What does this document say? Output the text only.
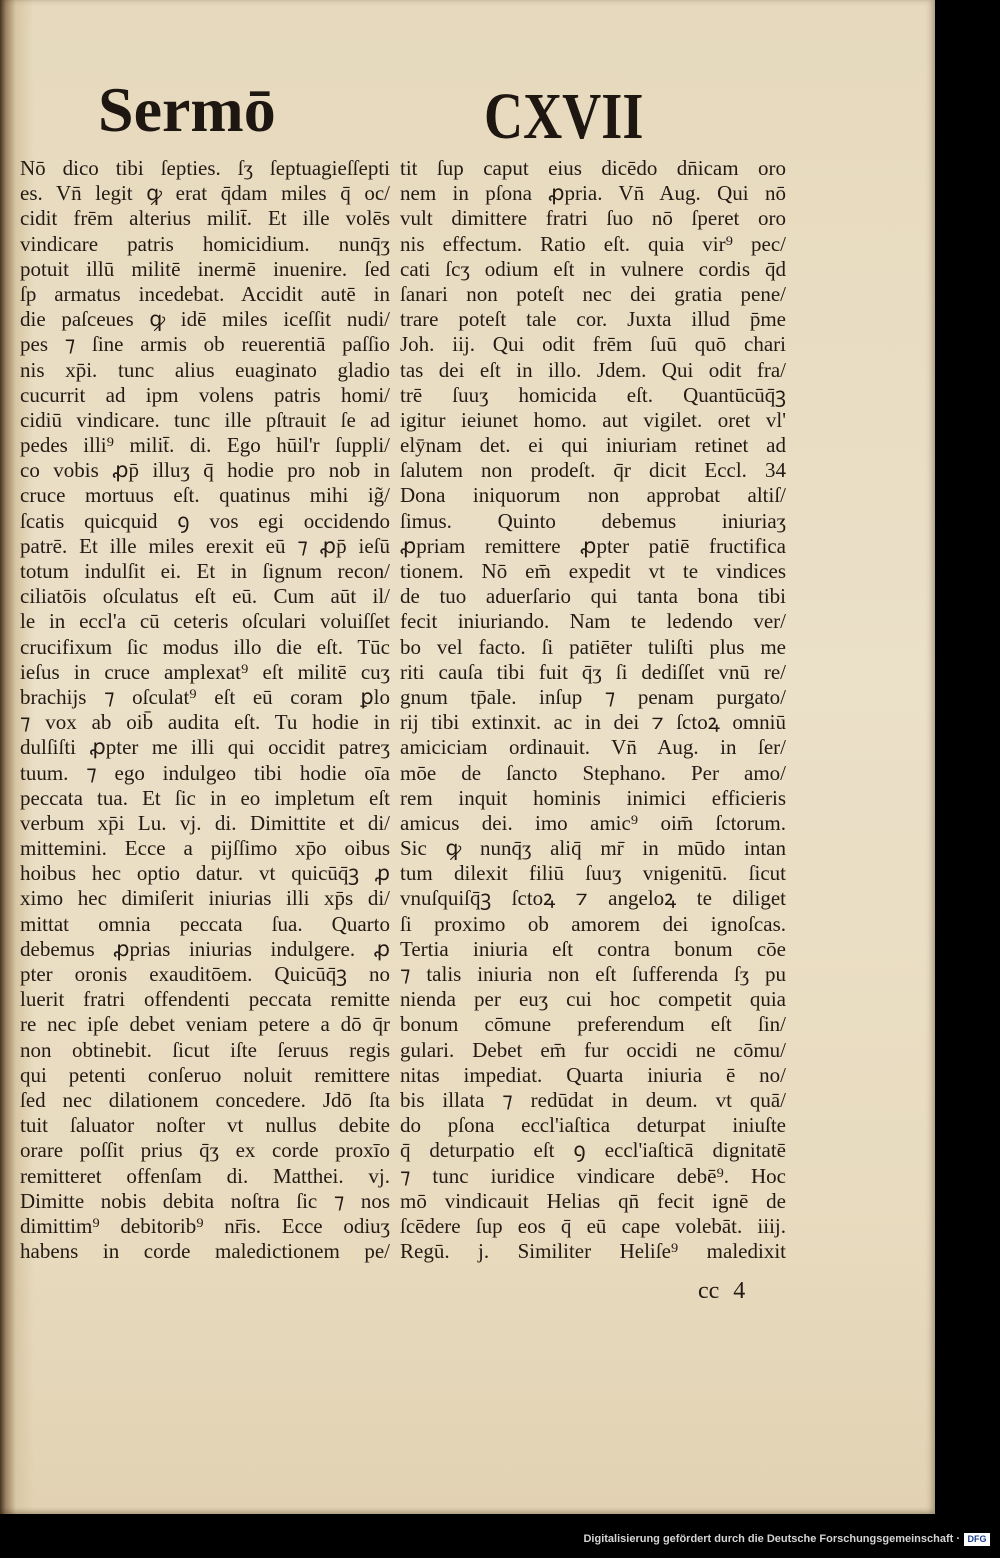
Sermō	CXVII
Nō dico tibi ſepties. ſʒ ſeptuagieſſepti
es. Vn̄ legit ꝙ erat q̄dam miles q̄ oc/
cidit frēm alterius milit̄. Et ille volēs
vindicare patris homicidium. nunq̄ʒ
potuit illū militē inermē inuenire. ſed
ſp armatus incedebat. Accidit autē in
die paſceues ꝙ idē miles iceſſit nudi/
pes ⁊ ſine armis ob reuerentiā paſſio
nis xp̄i. tunc alius euaginato gladio
cucurrit ad ipm volens patris homi/
cidiū vindicare. tunc ille pſtrauit ſe ad
pedes illi⁹ milit̄. di. Ego hūil'r ſuppli/
co vobis ꝓp̄ illuʒ q̄ hodie pro nob in
cruce mortuus eſt. quatinus mihi ig̃/
ſcatis quicquid ꝯ vos egi occidendo
patrē. Et ille miles erexit eū ⁊ ꝓp̄ ieſū
totum indulſit ei. Et in ſignum recon/
ciliatōis oſculatus eſt eū. Cum aūt il/
le in eccl'a cū ceteris oſculari voluiſſet
crucifixum ſic modus illo die eſt. Tūc
ieſus in cruce amplexat⁹ eſt militē cuʒ
brachijs ⁊ oſculat⁹ eſt eū coram ꝑlo
⁊ vox ab oib̄ audita eſt. Tu hodie in
dulſiſti ꝓpter me illi qui occidit patreʒ
tuum. ⁊ ego indulgeo tibi hodie oīa
peccata tua. Et ſic in eo impletum eſt
verbum xp̄i Lu. vj. di. Dimittite et di/
mittemini. Ecce a pijſſimo xp̄o oibus
hoibus hec optio datur. vt quicūq̄ꝫ ꝓ
ximo hec dimiſerit iniurias illi xp̄s di/
mittat omnia peccata ſua. Quarto
debemus ꝓprias iniurias indulgere. ꝓ
pter oronis exauditōem. Quicūq̄ꝫ no
luerit fratri offendenti peccata remitte
re nec ipſe debet veniam petere a dō q̄r
non obtinebit. ſicut iſte ſeruus regis
qui petenti conſeruo noluit remittere
ſed nec dilationem concedere. Jdō ſta
tuit ſaluator noſter vt nullus debite
orare poſſit prius q̄ʒ ex corde proxīo
remitteret offenſam di. Matthei. vj.
Dimitte nobis debita noſtra ſic ⁊ nos
dimittim⁹ debitorib⁹ nr̄is. Ecce odiuʒ
habens in corde maledictionem pe/
tit ſup caput eius dicēdo dn̄icam oro
nem in pſona ꝓpria. Vn̄ Aug. Qui nō
vult dimittere fratri ſuo nō ſperet oro
nis effectum. Ratio eſt. quia vir⁹ pec/
cati ſcʒ odium eſt in vulnere cordis q̄d
ſanari non poteſt nec dei gratia pene/
trare poteſt tale cor. Juxta illud p̄me
Joh. iij. Qui odit frēm ſuū quō chari
tas dei eſt in illo. Jdem. Qui odit fra/
trē ſuuʒ homicida eſt. Quantūcūq̄ꝫ
igitur ieiunet homo. aut vigilet. oret vl'
elȳnam det. ei qui iniuriam retinet ad
ſalutem non prodeſt. q̄r dicit Eccl. 34
Dona iniquorum non approbat altiſ/
ſimus. Quinto debemus iniuriaʒ
ꝓpriam remittere ꝓpter patiē fructifica
tionem. Nō em̄ expedit vt te vindices
de tuo aduerſario qui tanta bona tibi
fecit iniuriando. Nam te ledendo ver/
bo vel facto. ſi patiēter tuliſti plus me
riti cauſa tibi fuit q̄ʒ ſi dediſſet vnū re/
gnum tp̄ale. inſup ⁊ penam purgato/
rij tibi extinxit. ac in dei ⁊ ſctoꝝ omniū
amiciciam ordinauit. Vn̄ Aug. in ſer/
mōe de ſancto Stephano. Per amo/
rem inquit hominis inimici efficieris
amicus dei. imo amic⁹ oim̄ ſctorum.
Sic ꝙ nunq̄ʒ aliq̄ mr̄ in mūdo intan
tum dilexit filiū ſuuʒ vnigenitū. ſicut
vnuſquiſq̄ꝫ ſctoꝝ ⁊ angeloꝝ te diliget
ſi proximo ob amorem dei ignoſcas.
Tertia iniuria eſt contra bonum cōe
⁊ talis iniuria non eſt ſufferenda ſʒ pu
nienda per euʒ cui hoc competit quia
bonum cōmune preferendum eſt ſin/
gulari. Debet em̄ fur occidi ne cōmu/
nitas impediat. Quarta iniuria ē no/
bis illata ⁊ redūdat in deum. vt quā/
do pſona eccl'iaſtica deturpat iniuſte
q̄ deturpatio eſt ꝯ eccl'iaſticā dignitatē
⁊ tunc iuridice vindicare debē⁹. Hoc
mō vindicauit Helias qn̄ fecit ignē de
ſcēdere ſup eos q̄ eū cape volebāt. iiij.
Regū. j. Similiter Heliſe⁹ maledixit
cc 4
Digitalisierung gefördert durch die Deutsche Forschungsgemeinschaft · DFG
